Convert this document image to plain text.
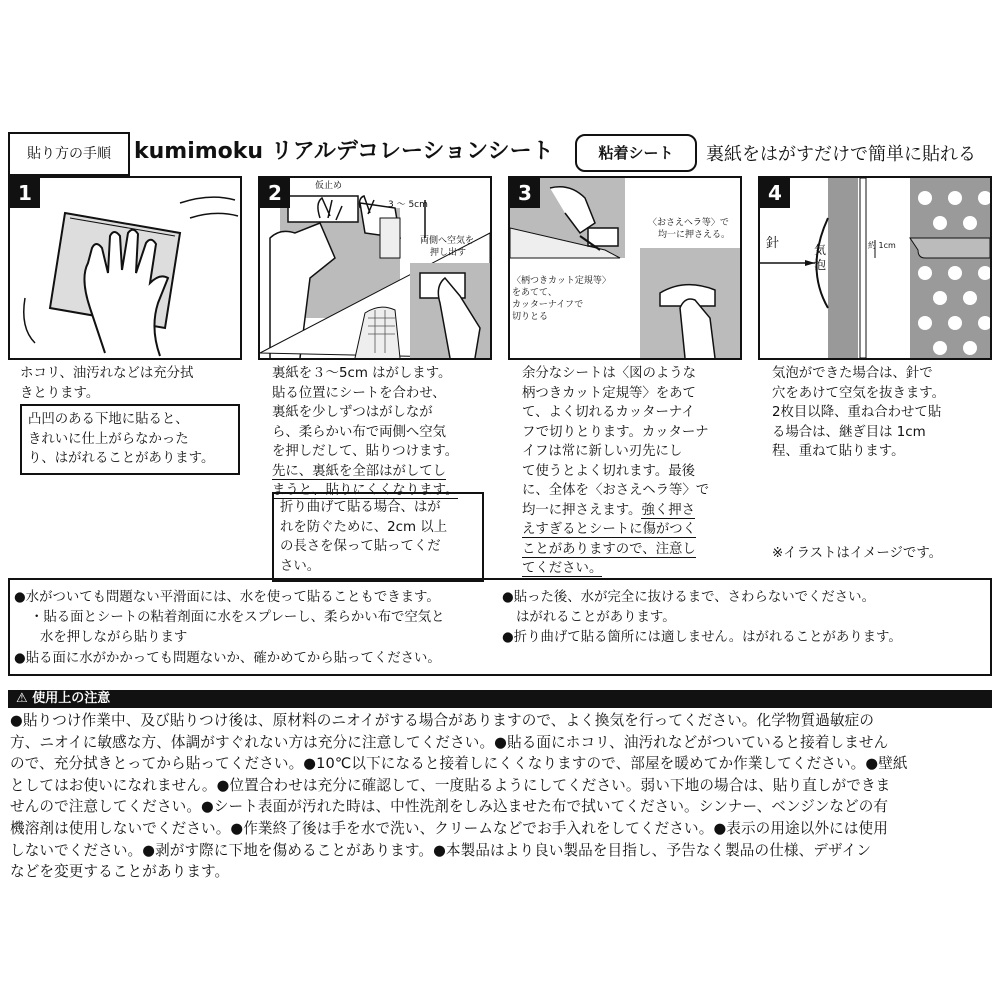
貼り方の手順	kumimoku リアルデコレーションシート	粘着シート	裏紙をはがすだけで簡単に貼れる
1	2	仮止め
3 ～ 5cm
両側へ空気を
押し出す
3
〈おさえヘラ等〉で
均一に押さえる。
〈柄つきカット定規等〉
をあてて、
カッターナイフで
切りとる
4
針	気泡
約 1cm
ホコリ、油汚れなどは充分拭
きとります。
凸凹のある下地に貼ると、
きれいに仕上がらなかった
り、はがれることがあります。
裏紙を３～5cm はがします。
貼る位置にシートを合わせ、
裏紙を少しずつはがしなが
ら、柔らかい布で両側へ空気
を押しだして、貼りつけます。
先に、裏紙を全部はがしてし
まうと、貼りにくくなります。
折り曲げて貼る場合、はが
れを防ぐために、2cm 以上
の長さを保って貼ってくだ
さい。
余分なシートは〈図のような
柄つきカット定規等〉をあて
て、よく切れるカッターナイ
フで切りとります。カッターナ
イフは常に新しい刃先にし
て使うとよく切れます。最後
に、全体を〈おさえヘラ等〉で
均一に押さえます。強く押さ
えすぎるとシートに傷がつく
ことがありますので、注意し
てください。
気泡ができた場合は、針で
穴をあけて空気を抜きます。
2枚目以降、重ね合わせて貼
る場合は、継ぎ目は 1cm
程、重ねて貼ります。
※イラストはイメージです。
●水がついても問題ない平滑面には、水を使って貼ることもできます。
・貼る面とシートの粘着剤面に水をスプレーし、柔らかい布で空気と
水を押しながら貼ります
●貼る面に水がかかっても問題ないか、確かめてから貼ってください。
●貼った後、水が完全に抜けるまで、さわらないでください。
はがれることがあります。
●折り曲げて貼る箇所には適しません。はがれることがあります。
⚠ 使用上の注意
●貼りつけ作業中、及び貼りつけ後は、原材料のニオイがする場合がありますので、よく換気を行ってください。化学物質過敏症の
方、ニオイに敏感な方、体調がすぐれない方は充分に注意してください。●貼る面にホコリ、油汚れなどがついていると接着しません
ので、充分拭きとってから貼ってください。●10℃以下になると接着しにくくなりますので、部屋を暖めてか作業してください。●壁紙
としてはお使いになれません。●位置合わせは充分に確認して、一度貼るようにしてください。弱い下地の場合は、貼り直しができま
せんので注意してください。●シート表面が汚れた時は、中性洗剤をしみ込ませた布で拭いてください。シンナー、ベンジンなどの有
機溶剤は使用しないでください。●作業終了後は手を水で洗い、クリームなどでお手入れをしてください。●表示の用途以外には使用
しないでください。●剥がす際に下地を傷めることがあります。●本製品はより良い製品を目指し、予告なく製品の仕様、デザイン
などを変更することがあります。
